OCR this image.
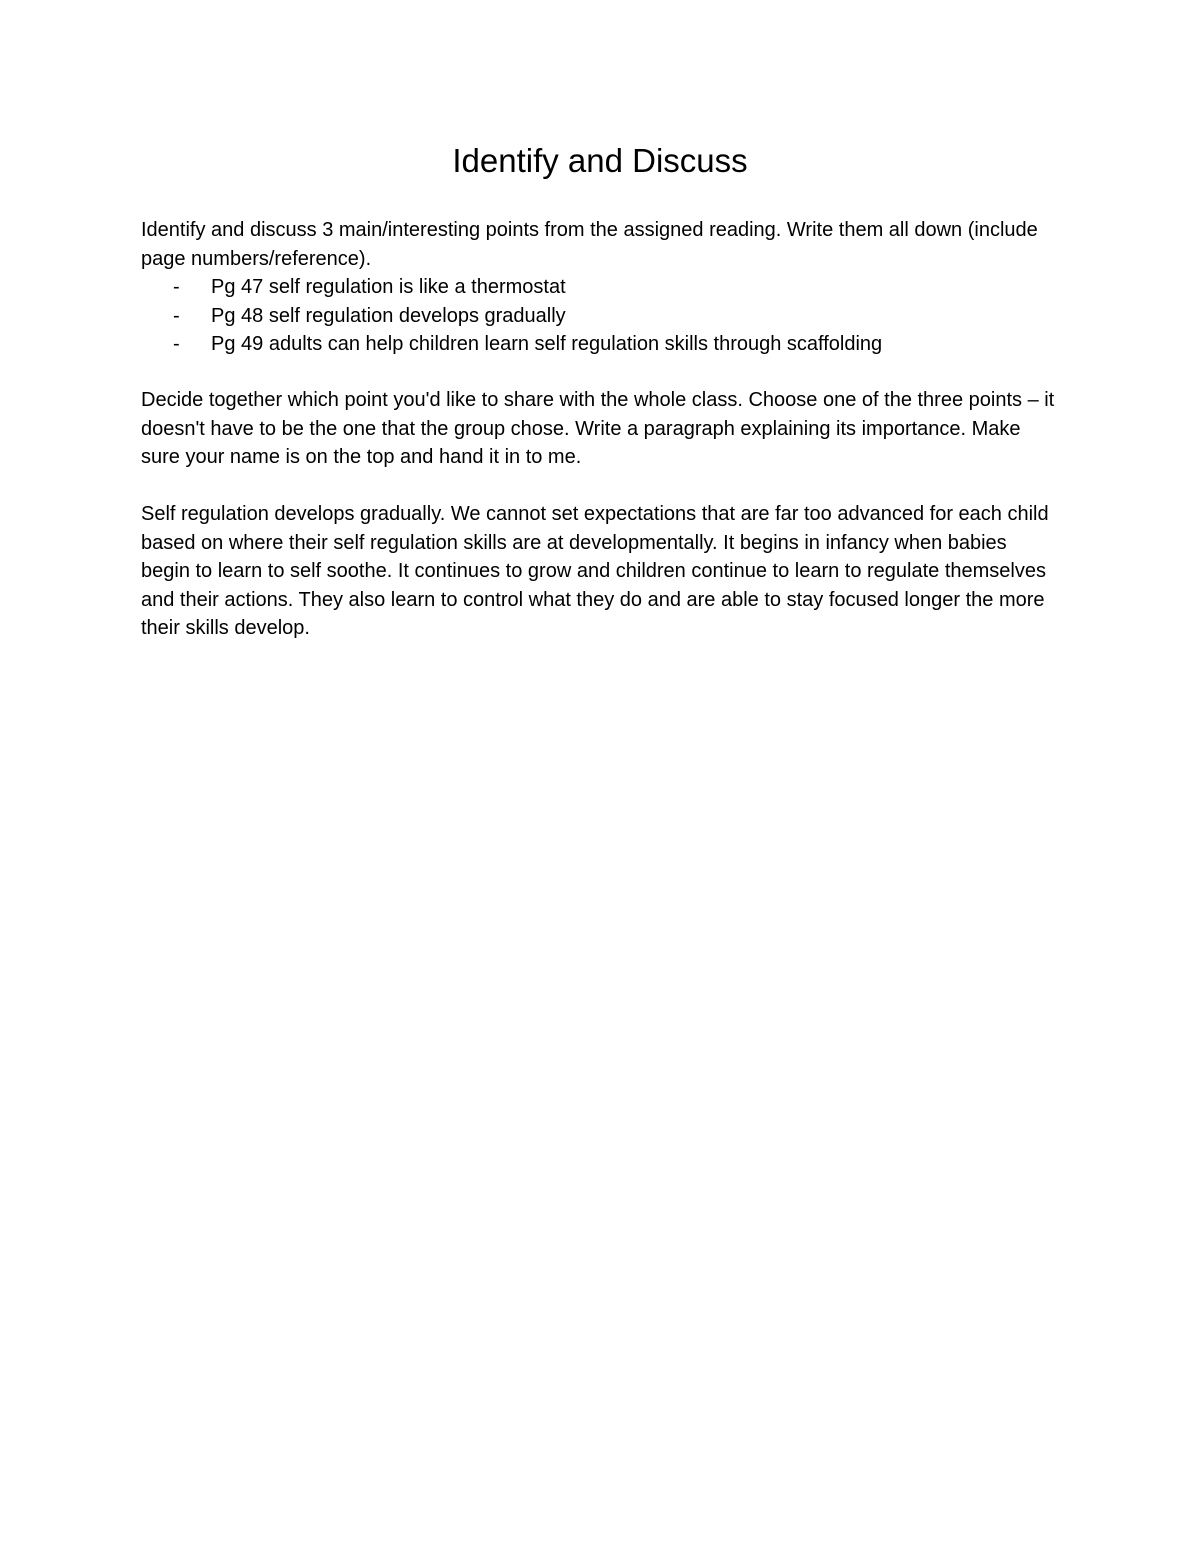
Identify and Discuss

Identify and discuss 3 main/interesting points from the assigned reading. Write them all down (include page numbers/reference).

- Pg 47 self regulation is like a thermostat
- Pg 48 self regulation develops gradually
- Pg 49 adults can help children learn self regulation skills through scaffolding

Decide together which point you'd like to share with the whole class. Choose one of the three points – it doesn't have to be the one that the group chose. Write a paragraph explaining its importance. Make sure your name is on the top and hand it in to me.

Self regulation develops gradually. We cannot set expectations that are far too advanced for each child based on where their self regulation skills are at developmentally. It begins in infancy when babies begin to learn to self soothe. It continues to grow and children continue to learn to regulate themselves and their actions. They also learn to control what they do and are able to stay focused longer the more their skills develop.
